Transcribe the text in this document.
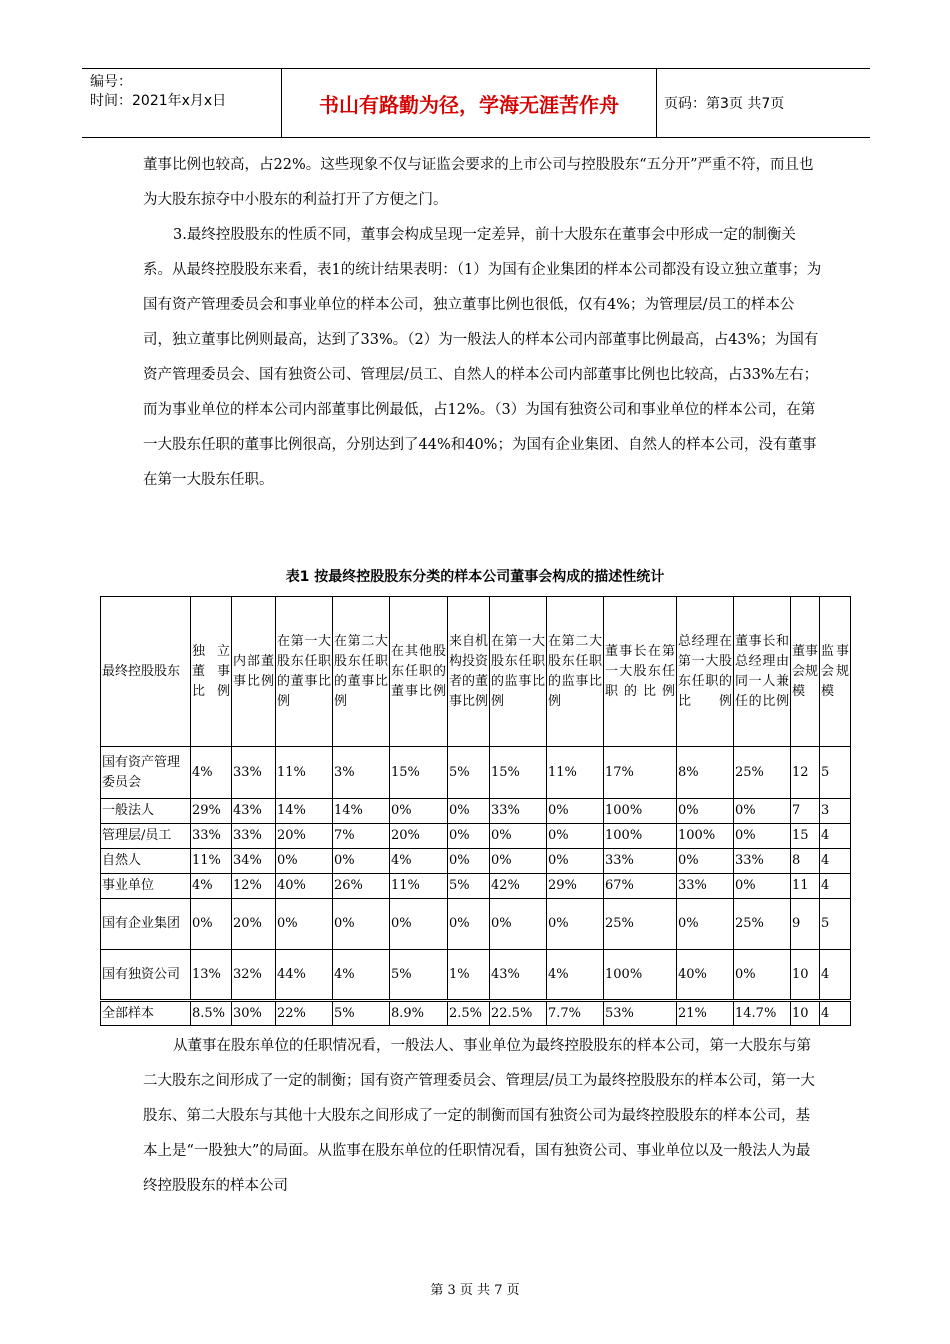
编号：
时间：2021年x月x日	书山有路勤为径，学海无涯苦作舟	页码：第3页 共7页

董事比例也较高，占22%。这些现象不仅与证监会要求的上市公司与控股股东“五分开”严重不符，而且也为大股东掠夺中小股东的利益打开了方便之门。

3.最终控股股东的性质不同，董事会构成呈现一定差异，前十大股东在董事会中形成一定的制衡关系。从最终控股股东来看，表1的统计结果表明：（1）为国有企业集团的样本公司都没有设立独立董事；为国有资产管理委员会和事业单位的样本公司，独立董事比例也很低，仅有4%；为管理层/员工的样本公司，独立董事比例则最高，达到了33%。（2）为一般法人的样本公司内部董事比例最高，占43%；为国有资产管理委员会、国有独资公司、管理层/员工、自然人的样本公司内部董事比例也比较高，占33%左右；而为事业单位的样本公司内部董事比例最低，占12%。（3）为国有独资公司和事业单位的样本公司，在第一大股东任职的董事比例很高，分别达到了44%和40%；为国有企业集团、自然人的样本公司，没有董事在第一大股东任职。

表1 按最终控股股东分类的样本公司董事会构成的描述性统计
最终控股股东	独立董事比例	内部董事比例	在第一大股东任职的董事比例	在第二大股东任职的董事比例	在其他股东任职的董事比例	来自机构投资者的董事比例	在第一大股东任职的监事比例	在第二大股东任职的监事比例	董事长在第一大股东任职的比例	总经理在第一大股东任职的比例	董事长和总经理由同一人兼任的比例	董事会规模	监事会规模
国有资产管理委员会	4%	33%	11%	3%	15%	5%	15%	11%	17%	8%	25%	12	5
一般法人	29%	43%	14%	14%	0%	0%	33%	0%	100%	0%	0%	7	3
管理层/员工	33%	33%	20%	7%	20%	0%	0%	0%	100%	100%	0%	15	4
自然人	11%	34%	0%	0%	4%	0%	0%	0%	33%	0%	33%	8	4
事业单位	4%	12%	40%	26%	11%	5%	42%	29%	67%	33%	0%	11	4
国有企业集团	0%	20%	0%	0%	0%	0%	0%	0%	25%	0%	25%	9	5
国有独资公司	13%	32%	44%	4%	5%	1%	43%	4%	100%	40%	0%	10	4
全部样本	8.5%	30%	22%	5%	8.9%	2.5%	22.5%	7.7%	53%	21%	14.7%	10	4

从董事在股东单位的任职情况看，一般法人、事业单位为最终控股股东的样本公司，第一大股东与第二大股东之间形成了一定的制衡；国有资产管理委员会、管理层/员工为最终控股股东的样本公司，第一大股东、第二大股东与其他十大股东之间形成了一定的制衡而国有独资公司为最终控股股东的样本公司，基本上是“一股独大”的局面。从监事在股东单位的任职情况看，国有独资公司、事业单位以及一般法人为最终控股股东的样本公司

第 3 页 共 7 页
